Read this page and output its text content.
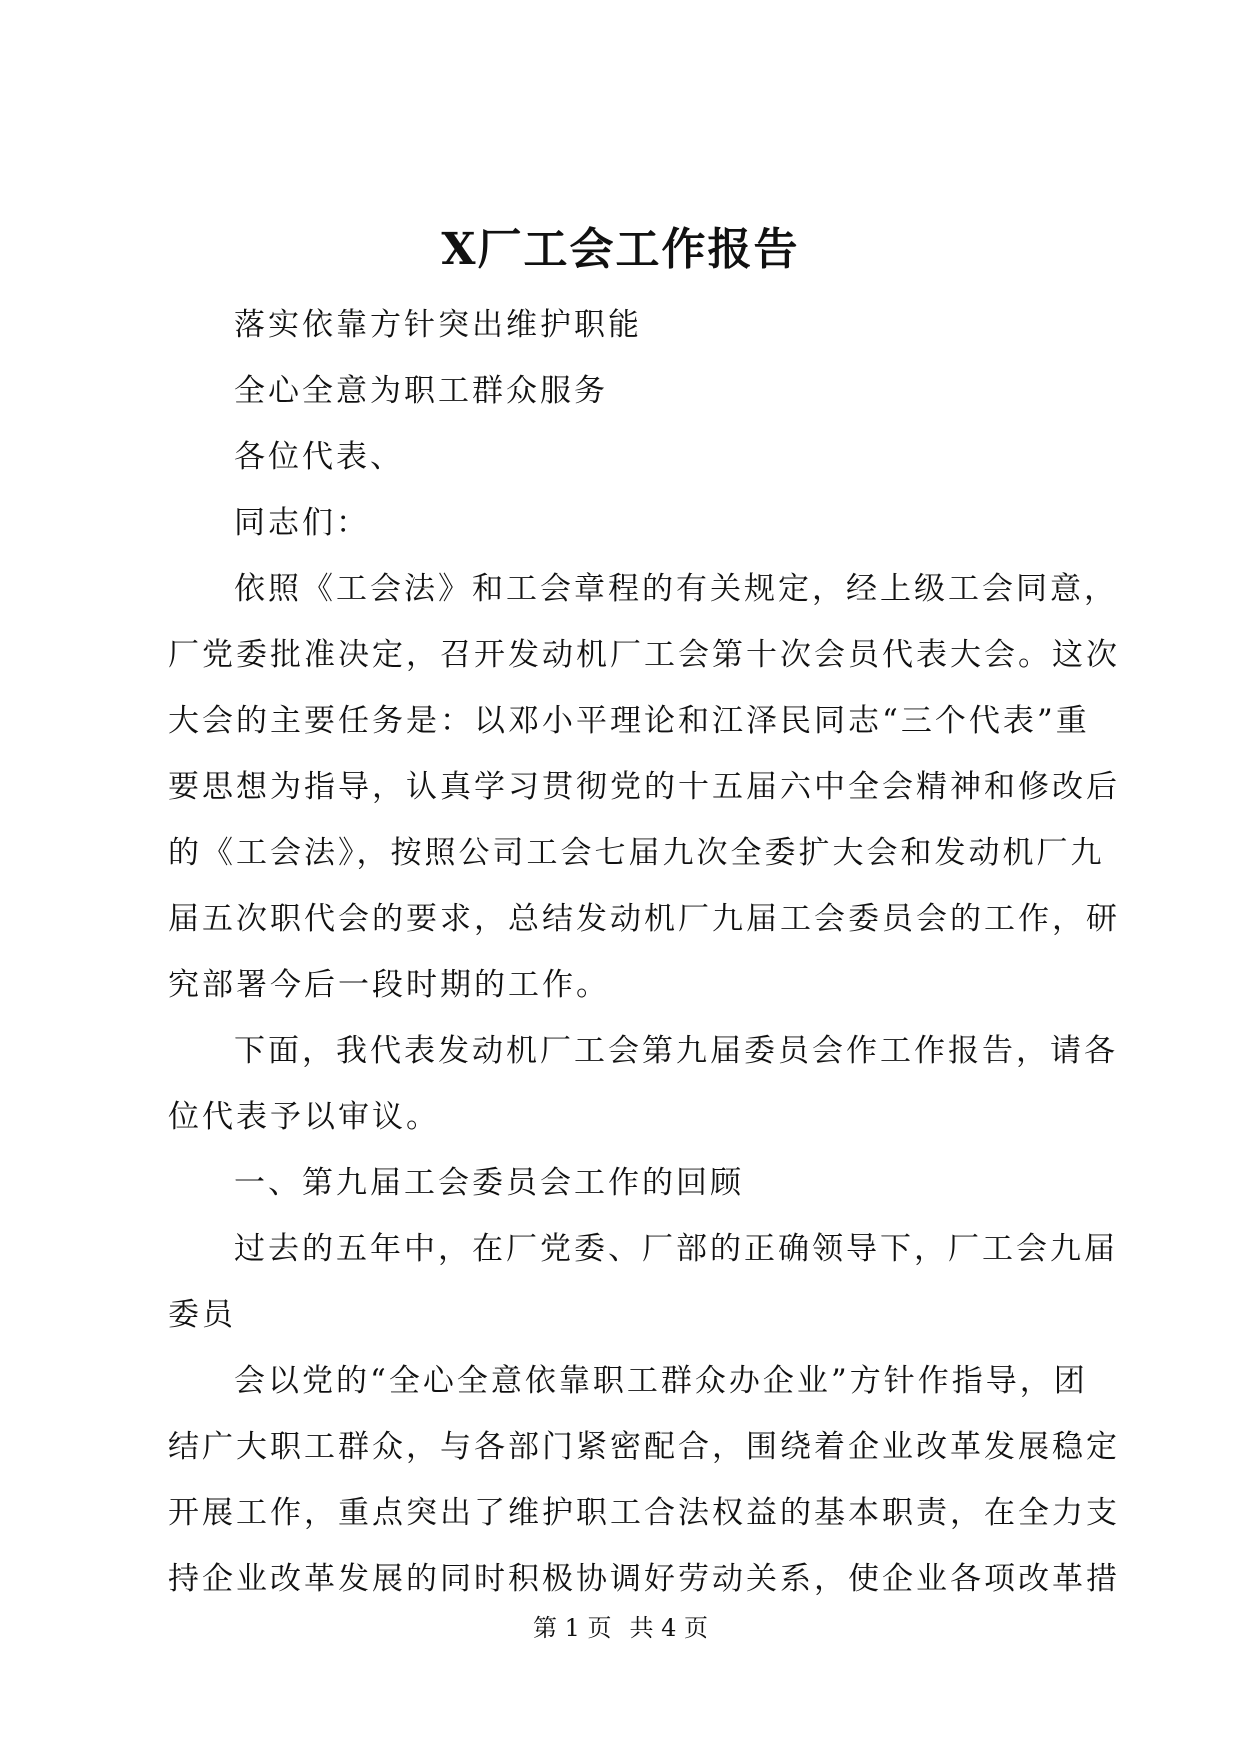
X厂工会工作报告
落实依靠方针突出维护职能
全心全意为职工群众服务
各位代表、
同志们：
依照《工会法》和工会章程的有关规定，经上级工会同意，
厂党委批准决定，召开发动机厂工会第十次会员代表大会。这次
大会的主要任务是：以邓小平理论和江泽民同志“三个代表”重
要思想为指导，认真学习贯彻党的十五届六中全会精神和修改后
的《工会法》，按照公司工会七届九次全委扩大会和发动机厂九
届五次职代会的要求，总结发动机厂九届工会委员会的工作，研
究部署今后一段时期的工作。
下面，我代表发动机厂工会第九届委员会作工作报告，请各
位代表予以审议。
一、第九届工会委员会工作的回顾
过去的五年中，在厂党委、厂部的正确领导下，厂工会九届
委员
会以党的“全心全意依靠职工群众办企业”方针作指导，团
结广大职工群众，与各部门紧密配合，围绕着企业改革发展稳定
开展工作，重点突出了维护职工合法权益的基本职责，在全力支
持企业改革发展的同时积极协调好劳动关系，使企业各项改革措
第 1 页 共 4 页
